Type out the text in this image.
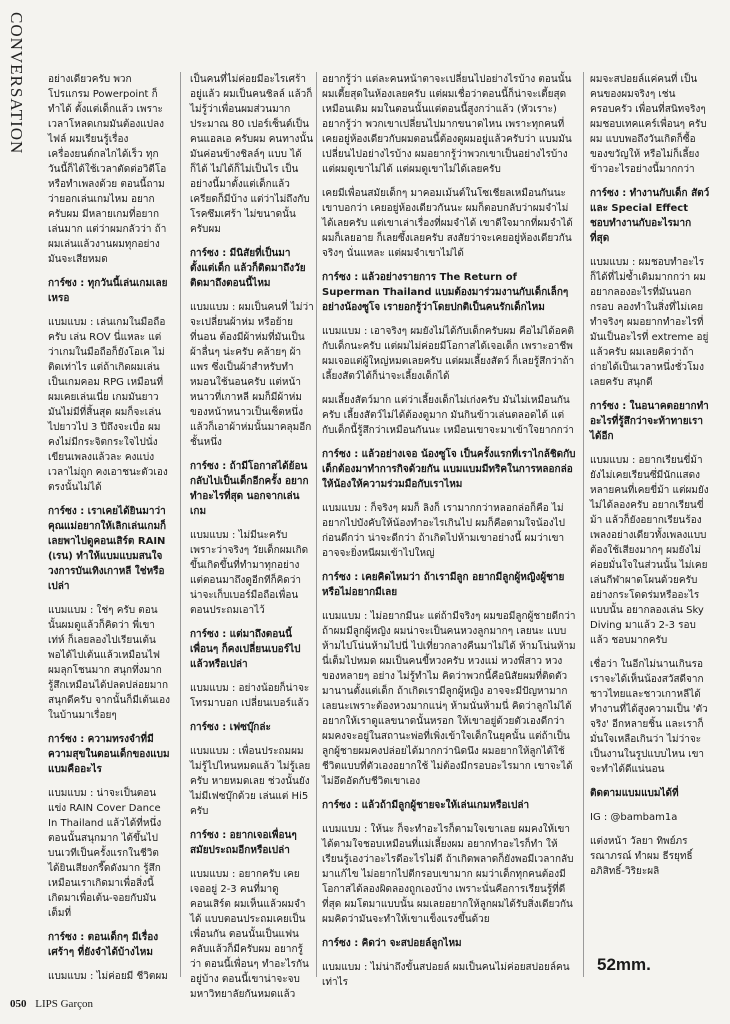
CONVERSATION อย่างเดียวครับ พวกโปรแกรม Powerpoint ก็ทำได้ ตั้งแต่เด็กแล้ว เพราะเวลาโหลดเกมมันต้องแปลงไฟล์ ผมเรียนรู้เรื่องเครื่องยนต์กลไกได้เร็ว ทุกวันนี้ก็ได้ใช้เวลาตัดต่อวิดีโอ หรือทำเพลงด้วย ตอนนี้ถามว่ายอกเล่นเกมไหม อยากครับผม มีหลายเกมที่อยากเล่นมาก แต่ว่าผมกลัวว่า ถ้าผมเล่นแล้วงานผมทุกอย่างมันจะเสียหมด
การ์ซง : ทุกวันนี้เล่นเกมเลยเหรอ
แบมแบม : เล่นเกมในมือถือครับ เล่น ROV นี่แหละ แต่ว่าเกมในมือถือก็ยังโอเค ไม่ติดเท่าไร แต่ถ้าเกิดผมเล่นเป็นเกมคอม RPG เหมือนที่ผมเคยเล่นเนี่ย เกมมันยาว มันไม่มีที่สิ้นสุด ผมก็จะเล่นไปยาวไป 3 ปีถึงจะเบื่อ ผมคงไม่มีกระจิตกระใจไปนั่งเขียนเพลงแล้วละ คงแบ่งเวลาไม่ถูก คงเอาชนะตัวเองตรงนั้นไม่ได้
การ์ซง : เราเคยได้ยินมาว่าคุณแม่อยากให้เลิกเล่นเกมก็เลยพาไปดูคอนเสิร์ต RAIN (เรน) ทำให้แบมแบมสนใจวงการบันเทิงเกาหลี ใช่หรือเปล่า
แบมแบม : ใช่ๆ ครับ ตอนนั้นผมดูแล้วก็คิดว่า พี่เขาเท่ห์ ก็เลยลองไปเรียนเต้น พอได้ไปเต้นแล้วเหมือนไฟ ผมลุกโชนมาก สนุกทึ่งมาก รู้สึกเหมือนได้ปลดปล่อยมาก สนุกดีครับ จากนั้นก็มีเต้นเองในบ้านมาเรื่อยๆ
การ์ซง : ความทรงจำที่มีความสุขในตอนเด็กของแบมแบมคืออะไร
แบมแบม : น่าจะเป็นตอนแข่ง RAIN Cover Dance In Thailand แล้วได้ที่หนึ่ง ตอนนั้นสนุกมาก ได้ขึ้นไปบนเวทีเป็นครั้งแรกในชีวิต ได้ยินเสียงกรี๊ดดังมาก รู้สึกเหมือนเราเกิดมาเพื่อสิ่งนี้ เกิดมาเพื่อเต้น-จอยกับมันเต็มที่
การ์ซง : ตอนเด็กๆ มีเรื่องเศร้าๆ ที่ยังจำได้บ้างไหม
แบมแบม : ไม่ค่อยมี ชีวิตผม
เป็นคนที่ไม่ค่อยมีอะไรเศร้าอยู่แล้ว ผมเป็นคนชิลล์ แล้วก็ไม่รู้ว่าเพื่อนผมส่วนมากประมาณ 80 เปอร์เซ็นต์เป็นคนแอลเอ ครับผม คนทางนั้นมันค่อนข้างชิลล์ๆ แบบ ได้ก็ได้ ไม่ได้ก็ไม่เป็นไร เป็นอย่างนี้มาตั้งแต่เด็กแล้ว เครียดก็มีบ้าง แต่ว่าไม่ถึงกับโรคซึมเศร้า ไม่ขนาดนั้นครับผม
การ์ซง : มีนิสัยที่เป็นมาตั้งแต่เด็ก แล้วก็ติดมาถึงวัยติดมาถึงตอนนี้ไหม
แบมแบม : ผมเป็นคนที่ ไม่ว่าจะเปลี่ยนผ้าห่ม หรือย้ายที่นอน ต้องมีผ้าห่มที่มันเป็นผ้าลื่นๆ น่ะครับ คล้ายๆ ผ้าแพร ซึ่งเป็นผ้าสำหรับทำหมอนใช้นอนครับ แต่หน้าหนาวที่เกาหลี ผมก็มีผ้าห่มของหน้าหนาวเป็นเซ็ตหนึ่ง แล้วก็เอาผ้าห่มนั้นมาคลุมอีกชั้นหนึ่ง
การ์ซง : ถ้ามีโอกาสได้ย้อนกลับไปเป็นเด็กอีกครั้ง อยากทำอะไรที่สุด นอกจากเล่นเกม
แบมแบม : ไม่มีนะครับ เพราะว่าจริงๆ วัยเด็กผมเกิดขึ้นเกิดขึ้นที่ทำมาทุกอย่าง แต่ตอนมาถึงดูอีกทีก็คิดว่า น่าจะเก็บเบอร์มือถือเพื่อนตอนประถมเอาไว้
การ์ซง : แต่มาถึงตอนนี้ เพื่อนๆ ก็คงเปลี่ยนเบอร์ไปแล้วหรือเปล่า
แบมแบม : อย่างน้อยก็น่าจะโทรมาบอก เปลี่ยนเบอร์แล้ว
การ์ซง : เฟซบุ๊กล่ะ
แบมแบม : เพื่อนประถมผมไม่รู้ไปไหนหมดแล้ว ไม่รู้เลยครับ หายหมดเลย ช่วงนั้นยังไม่มีเฟซบุ๊กด้วย เล่นแต่ Hi5 ครับ
การ์ซง : อยากเจอเพื่อนๆ สมัยประถมอีกหรือเปล่า
แบมแบม : อยากครับ เคยเจออยู่ 2-3 คนที่มาดูคอนเสิร์ต ผมเห็นแล้วผมจำได้ แบบตอนประถมเคยเป็นเพื่อนกัน ตอนนั้นเป็นแฟนคลับแล้วก็มีครับผม อยากรู้ว่า ตอนนี้เพื่อนๆ ทำอะไรกันอยู่บ้าง ตอนนี้เขาน่าจะจบมหาวิทยาลัยกันหมดแล้ว
อยากรู้ว่า แต่ละคนหน้าตาจะเปลี่ยนไปอย่างไรบ้าง ตอนนั้นผมเตี้ยสุดในห้องเลยครับ แต่ผมเชื่อว่าตอนนี้ก็น่าจะเตี้ยสุดเหมือนเดิม ผมในตอนนั้นแต่ตอนนี้สูงกว่าแล้ว (หัวเราะ) อยากรู้ว่า พวกเขาเปลี่ยนไปมากขนาดไหน เพราะทุกคนที่เคยอยู่ห้องเดียวกับผมตอนนี้ต้องดูผมอยู่แล้วครับว่า แบมมันเปลี่ยนไปอย่างไรบ้าง ผมอยากรู้ว่าพวกเขาเป็นอย่างไรบ้าง แต่ผมดูเขาไม่ได้ แต่ผมดูเขาไม่ได้เลยครับ
เคยมีเพื่อนสมัยเด็กๆ มาคอมเม้นต์ในโซเชียลเหมือนกันนะ เขาบอกว่า เคยอยู่ห้องเดียวกันนะ ผมก็ตอบกลับว่าผมจำไม่ได้เลยครับ แต่เขาเล่าเรื่องที่ผมจำได้ เขาดีใจมากที่ผมจำได้ ผมก็เลยอาย ก็เลยซึ้งเลยครับ สงสัยว่าจะเคยอยู่ห้องเดียวกันจริงๆ นั่นแหละ แต่ผมจำเขาไม่ได้
การ์ซง : แล้วอย่างรายการ The Return of Superman Thailand แบมต้องมาร่วมงานกับเด็กเล็กๆ อย่างน้องซูโจ เรายอกรู้ว่าโดยปกติเป็นคนรักเด็กไหม
แบมแบม : เอาจริงๆ ผมยังไม่ได้กับเด็กครับผม คือไม่ได้อคติกับเด็กนะครับ แต่ผมไม่ค่อยมีโอกาสได้เจอเด็ก เพราะอาชีพผมเจอแต่ผู้ใหญ่หมดเลยครับ แต่ผมเลี้ยงสัตว์ ก็เลยรู้สึกว่าถ้าเลี้ยงสัตว์ได้ก็น่าจะเลี้ยงเด็กได้
ผมเลี้ยงสัตว์มาก แต่ว่าเลี้ยงเด็กไม่เก่งครับ มันไม่เหมือนกันครับ เลี้ยงสัตว์ไม่ได้ต้องดูมาก มันกินข้าวเล่นตลอดได้ แต่กับเด็กนี้รู้สึกว่าเหมือนกันนะ เหมือนเขาจะมาเข้าใจยากกว่า
การ์ซง : แล้วอย่างเจอ น้องซูโจ เป็นครั้งแรกที่เราไกล้ชิดกับเด็กต้องมาทำการกิจด้วยกัน แบมแบมมีทริคในการหลอกล่อให้น้องให้ความร่วมมือกับเราไหม
แบมแบม : ก็จริงๆ ผมก็ ลิงก็ เรามากกว่าหลอกล่อก็คือ ไม่อยากไปบังคับให้น้องทำอะไรเกินไป ผมก็คือตามใจน้องไปก่อนดีกว่า น่าจะดีกว่า ถ้าเกิดไปห้ามเขาอย่างนี้ ผมว่าเขาอาจจะยิ่งหนีผมเข้าไปใหญ่
การ์ซง : เคยคิดไหมว่า ถ้าเรามีลูก อยากมีลูกผู้หญิงผู้ชาย หรือไม่อยากมีเลย
แบมแบม : ไม่อยากมีนะ แต่ถ้ามีจริงๆ ผมขอมีลูกผู้ชายดีกว่า ถ้าผมมีลูกผู้หญิง ผมน่าจะเป็นคนหวงลูกมากๆ เลยนะ แบบห้ามไปโน่นห้ามไปนี่ ไปเที่ยวกลางคืนมาไม่ได้ ห้ามโน่นห้ามนี่เต็มไปหมด ผมเป็นคนขี้หวงครับ หวงแม่ หวงพี่สาว หวงของหลายๆ อย่าง ไม่รู้ทำไม คิดว่าพวกนี้คือนิสัยผมที่ติดตัวมานานตั้งแต่เด็ก ถ้าเกิดเรามีลูกผู้หญิง อาจจะมีปัญหามากเลยนะเพราะต้องหวงมากแน่ๆ ห้ามนั่นห้ามนี่ คิดว่าลูกไม่ได้อยากให้เราดูแลขนาดนั้นหรอก ให้เขาอยู่ด้วยตัวเองดีกว่า ผมคงจะอยู่ในสถานะพ่อที่เพิ่งเข้าใจเด็กในยุคนั้น แต่ถ้าเป็นลูกผู้ชายผมคงปล่อยได้มากกว่านิดนึง ผมอยากให้ลูกได้ใช้ชีวิตแบบที่ตัวเองอยากใช้ ไม่ต้องมีกรอบอะไรมาก เขาจะได้ไม่อึดอัดกับชีวิตเขาเอง
การ์ซง : แล้วถ้ามีลูกผู้ชายจะให้เล่นเกมหรือเปล่า
แบมแบม : ให้นะ ก็จะทำอะไรก็ตามใจเขาเลย ผมคงให้เขาได้ตามใจชอบเหมือนที่แม่เลี้ยงผม อยากทำอะไรก็ทำ ให้เรียนรู้เองว่าอะไรดีอะไรไม่ดี ถ้าเกิดพลาดก็ยังพอมีเวลากลับมาแก้ไข ไม่อยากไปตีกรอบเขามาก ผมว่าเด็กทุกคนต้องมีโอกาสได้ลองผิดลองถูกเองบ้าง เพราะนั่นคือการเรียนรู้ที่ดีที่สุด ผมโตมาแบบนั้น ผมเลยอยากให้ลูกผมได้รับสิ่งเดียวกัน ผมคิดว่ามันจะทำให้เขาแข็งแรงขึ้นด้วย
การ์ซง : คิดว่า จะสปอยล์ลูกไหม
แบมแบม : ไม่น่าถึงขั้นสปอยล์ ผมเป็นคนไม่ค่อยสปอยล์คนเท่าไร
ผมจะสปอยล์แค่คนที่ เป็นคนของผมจริงๆ เช่น ครอบครัว เพื่อนที่สนิทจริงๆ ผมชอบเทคแคร์เพื่อนๆ ครับผม แบบพอถึงวันเกิดก็ซื้อของขวัญให้ หรือไม่ก็เลี้ยงข้าวอะไรอย่างนี้มากกว่า
การ์ซง : ทำงานกับเด็ก สัตว์ และ Special Effect ชอบทำงานกับอะไรมากที่สุด
แบมแบม : ผมชอบทำอะไรก็ได้ที่ไม่ซ้ำเดิมมากกว่า ผมอยากลองอะไรที่มันนอกกรอบ ลองทำในสิ่งที่ไม่เคยทำจริงๆ ผมอยากทำอะไรที่มันเป็นอะไรที่ extreme อยู่แล้วครับ ผมเลยคิดว่าถ้าถ่ายได้เป็นเวลาหนึ่งชั่วโมงเลยครับ สนุกดี
การ์ซง : ในอนาคตอยากทำอะไรที่รู้สึกว่าจะท้าทายเราได้อีก
แบมแบม : อยากเรียนขี่ม้า ยังไม่เคยเรียนซึ่มีนักแสดงหลายคนที่เคยขี่ม้า แต่ผมยังไม่ได้ลองครับ อยากเรียนขี่ม้า แล้วก็ยังอยากเรียนร้องเพลงอย่างเดียวทั้งเพลงแบบ ต้องใช้เสียงมากๆ ผมยังไม่ค่อยมั่นใจในส่วนนั้น ไม่เคยเล่นกีฬาผาดโผนด้วยครับ อย่างกระโดดร่มหรืออะไรแบบนั้น อยากลองเล่น Sky Diving มาแล้ว 2-3 รอบแล้ว ชอบมากครับ
เชื่อว่า ในอีกไม่นานเกินรอ เราจะได้เห็นน้องสวัสดีจากชาวไทยและชาวเกาหลีได้ทำงานที่ได้สูงความเป็น 'ตัวจริง' อีกหลายชิ้น และเราก็มั่นใจเหลือเกินว่า ไม่ว่าจะเป็นงานในรูปแบบไหน เขาจะทำได้ดีแน่นอน
ติดตามแบมแบมได้ที่
IG : @bambam1a
แต่งหน้า วัลยา ทิพย์ภรรณาภรณ์ ทำผม ธีรยุทธิ์ อภิสิทธิ์-วิริยะผลิ
52mm.
050 LIPS Garçon
